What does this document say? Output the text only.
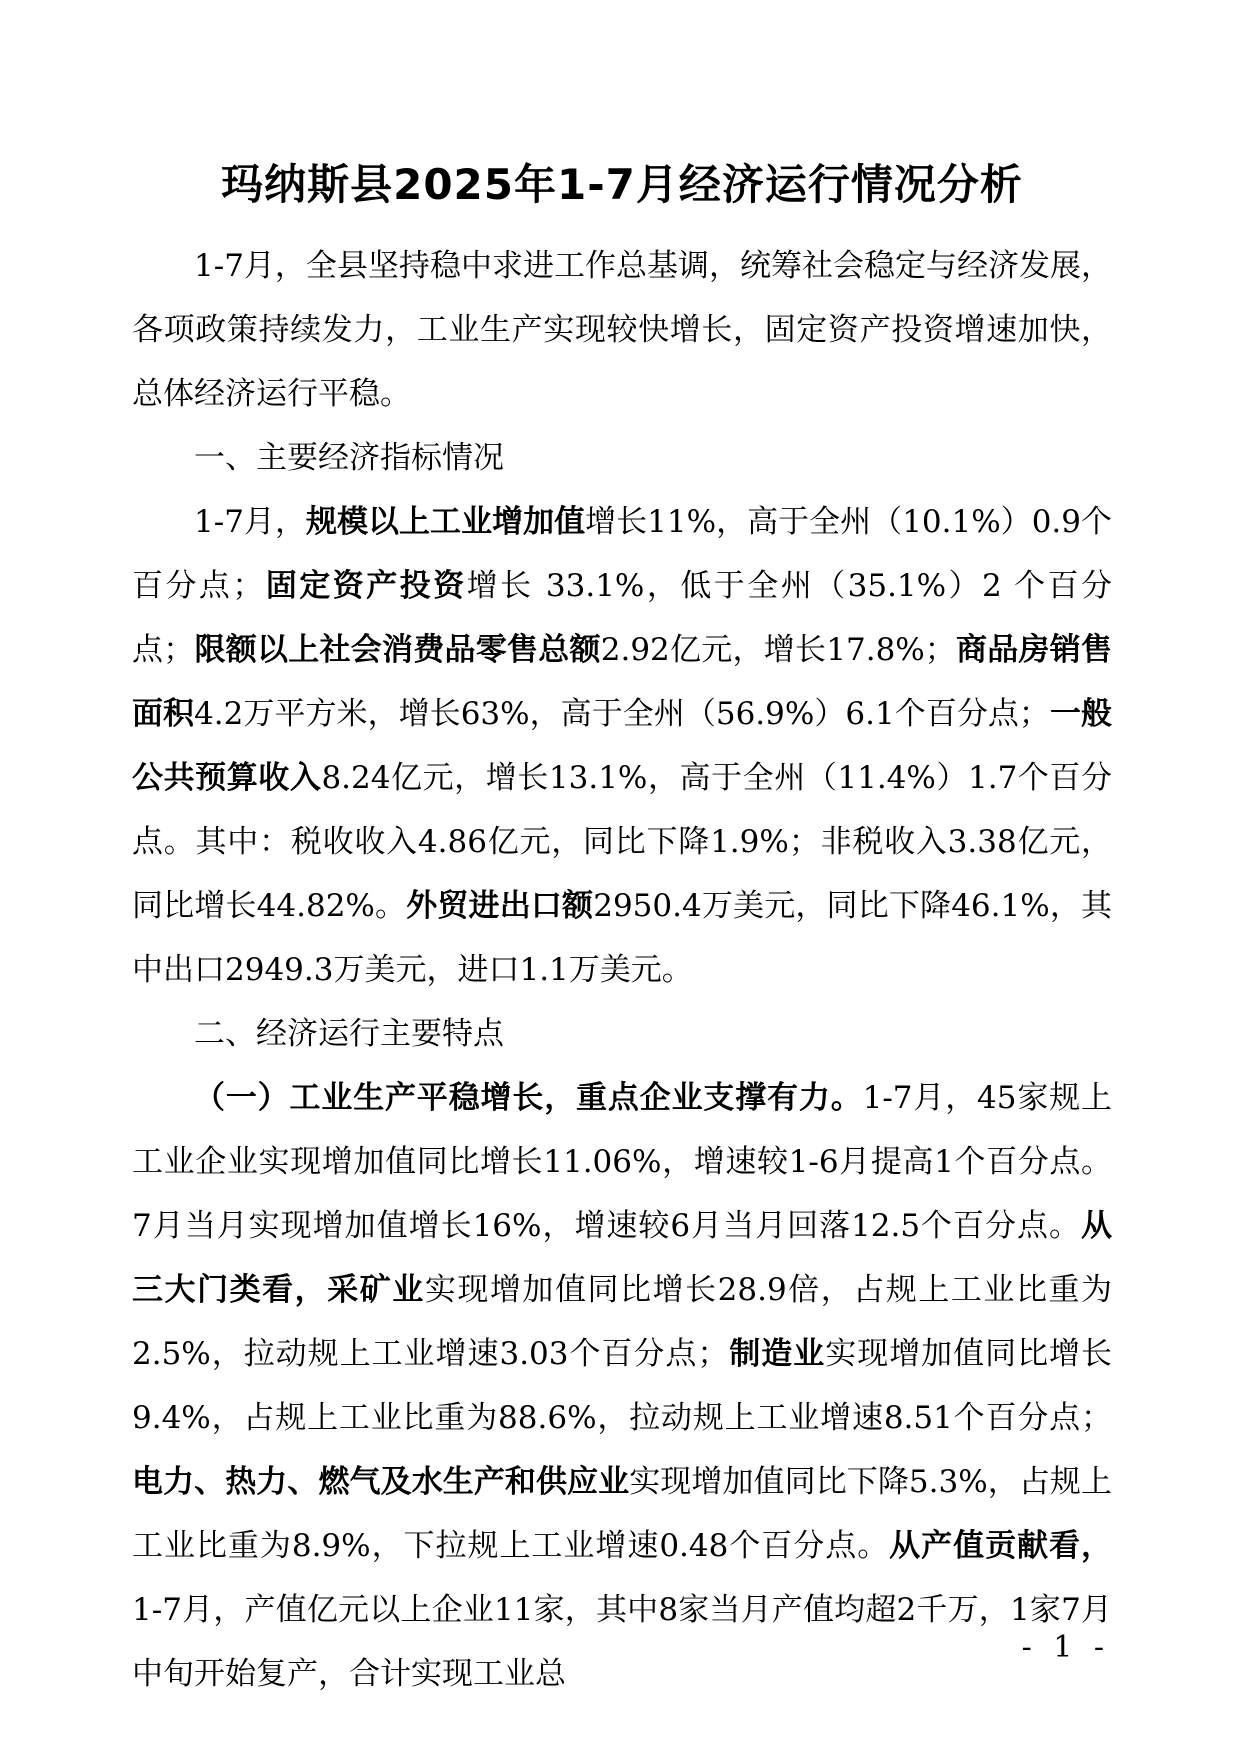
玛纳斯县2025年1-7月经济运行情况分析

1-7月，全县坚持稳中求进工作总基调，统筹社会稳定与经济发展，各项政策持续发力，工业生产实现较快增长，固定资产投资增速加快，总体经济运行平稳。

一、主要经济指标情况

1-7月，规模以上工业增加值增长11%，高于全州（10.1%）0.9个百分点；固定资产投资增长 33.1%，低于全州（35.1%）2 个百分点；限额以上社会消费品零售总额2.92亿元，增长17.8%；商品房销售面积4.2万平方米，增长63%，高于全州（56.9%）6.1个百分点；一般公共预算收入8.24亿元，增长13.1%，高于全州（11.4%）1.7个百分点。其中：税收收入4.86亿元，同比下降1.9%；非税收入3.38亿元，同比增长44.82%。外贸进出口额2950.4万美元，同比下降46.1%，其中出口2949.3万美元，进口1.1万美元。

二、经济运行主要特点

（一）工业生产平稳增长，重点企业支撑有力。1-7月，45家规上工业企业实现增加值同比增长11.06%，增速较1-6月提高1个百分点。7月当月实现增加值增长16%，增速较6月当月回落12.5个百分点。从三大门类看，采矿业实现增加值同比增长28.9倍，占规上工业比重为2.5%，拉动规上工业增速3.03个百分点；制造业实现增加值同比增长9.4%，占规上工业比重为88.6%，拉动规上工业增速8.51个百分点；电力、热力、燃气及水生产和供应业实现增加值同比下降5.3%，占规上工业比重为8.9%，下拉规上工业增速0.48个百分点。从产值贡献看，1-7月，产值亿元以上企业11家，其中8家当月产值均超2千万，1家7月中旬开始复产，合计实现工业总

- 1 -
